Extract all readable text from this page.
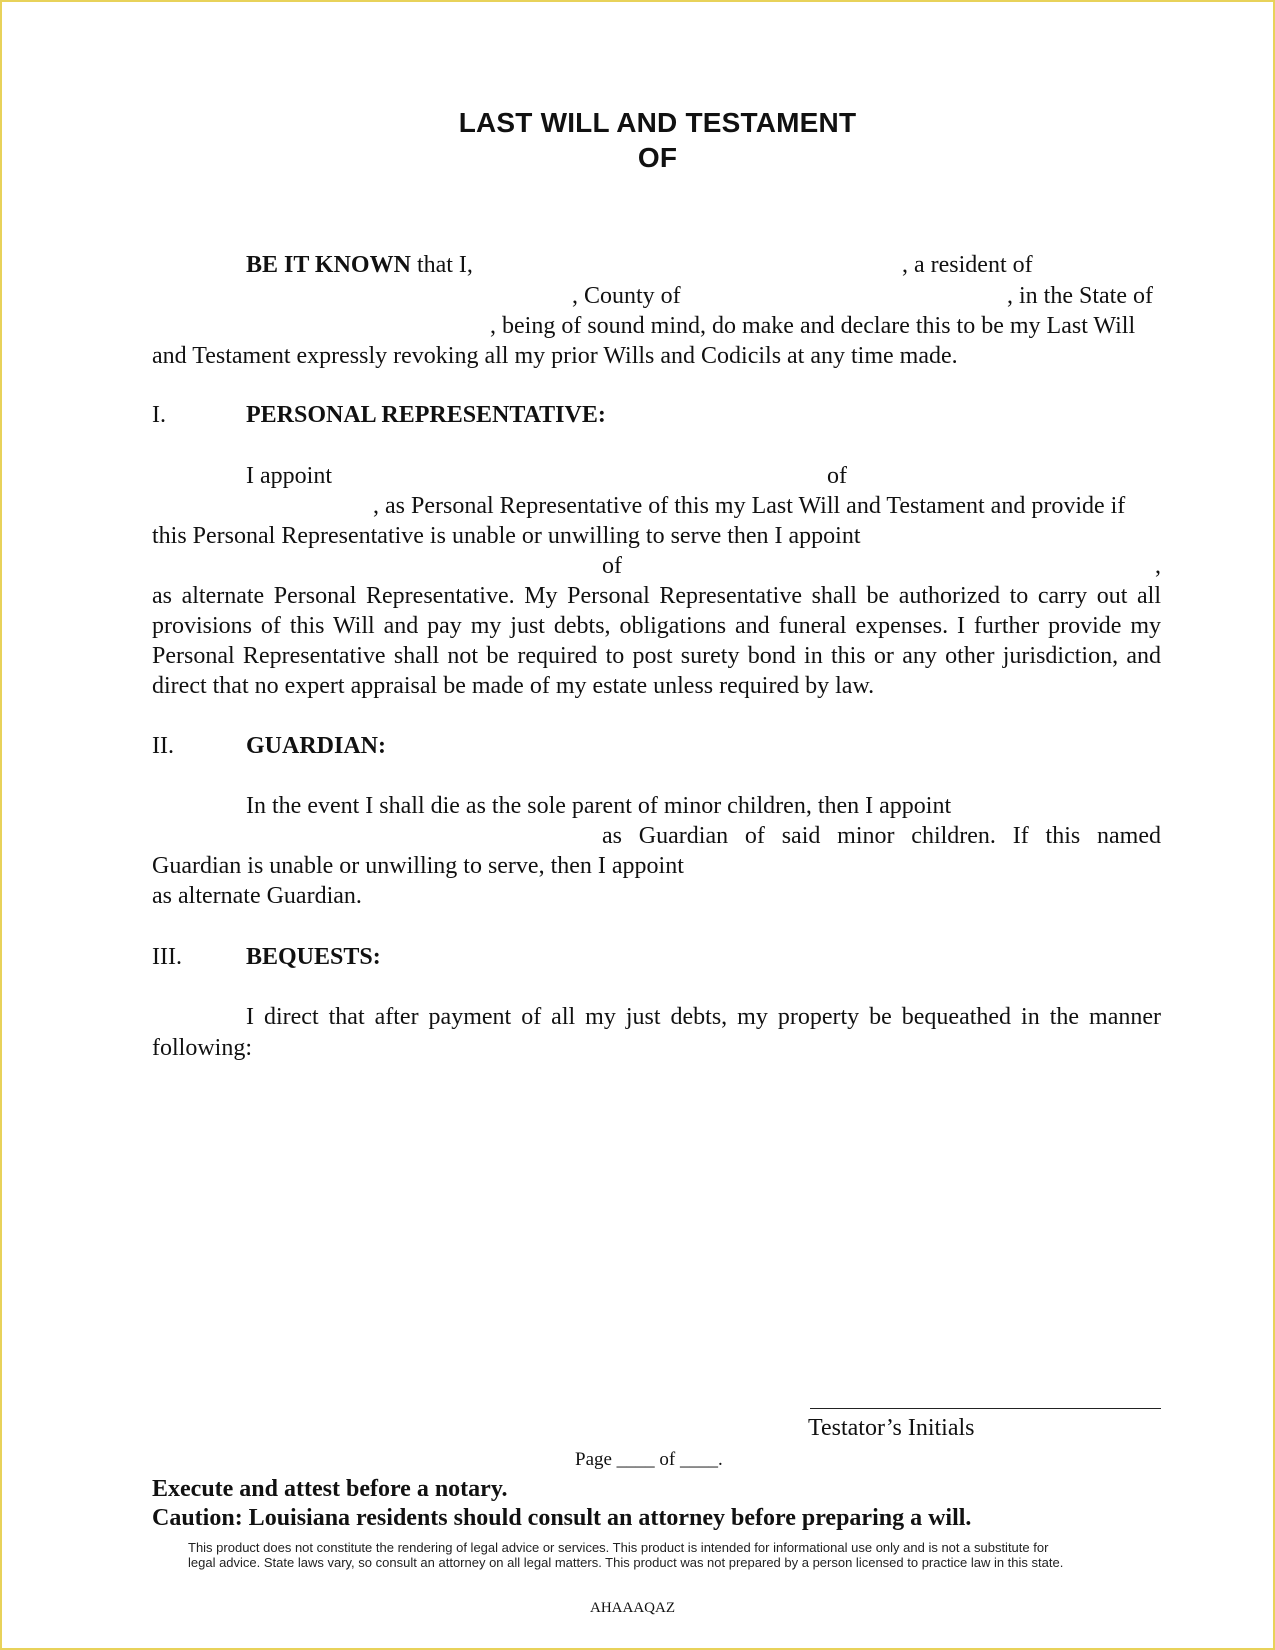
LAST WILL AND TESTAMENT
OF
BE IT KNOWN that I,	, a resident of
, County of	, in the State of
, being of sound mind, do make and declare this to be my Last Will
and Testament expressly revoking all my prior Wills and Codicils at any time made.
I.	PERSONAL REPRESENTATIVE:
I appoint	of
, as Personal Representative of this my Last Will and Testament and provide if
this Personal Representative is unable or unwilling to serve then I appoint
of	,
as alternate Personal Representative. My Personal Representative shall be authorized to carry out all
provisions of this Will and pay my just debts, obligations and funeral expenses. I further provide my
Personal Representative shall not be required to post surety bond in this or any other jurisdiction, and
direct that no expert appraisal be made of my estate unless required by law.
II.	GUARDIAN:
In the event I shall die as the sole parent of minor children, then I appoint
as Guardian of said minor children. If this named
Guardian is unable or unwilling to serve, then I appoint
as alternate Guardian.
III.	BEQUESTS:
I direct that after payment of all my just debts, my property be bequeathed in the manner
following:
Testator’s Initials
Page ____ of ____.
Execute and attest before a notary.
Caution: Louisiana residents should consult an attorney before preparing a will.
This product does not constitute the rendering of legal advice or services. This product is intended for informational use only and is not a substitute for
legal advice. State laws vary, so consult an attorney on all legal matters. This product was not prepared by a person licensed to practice law in this state.
AHAAAQAZ
